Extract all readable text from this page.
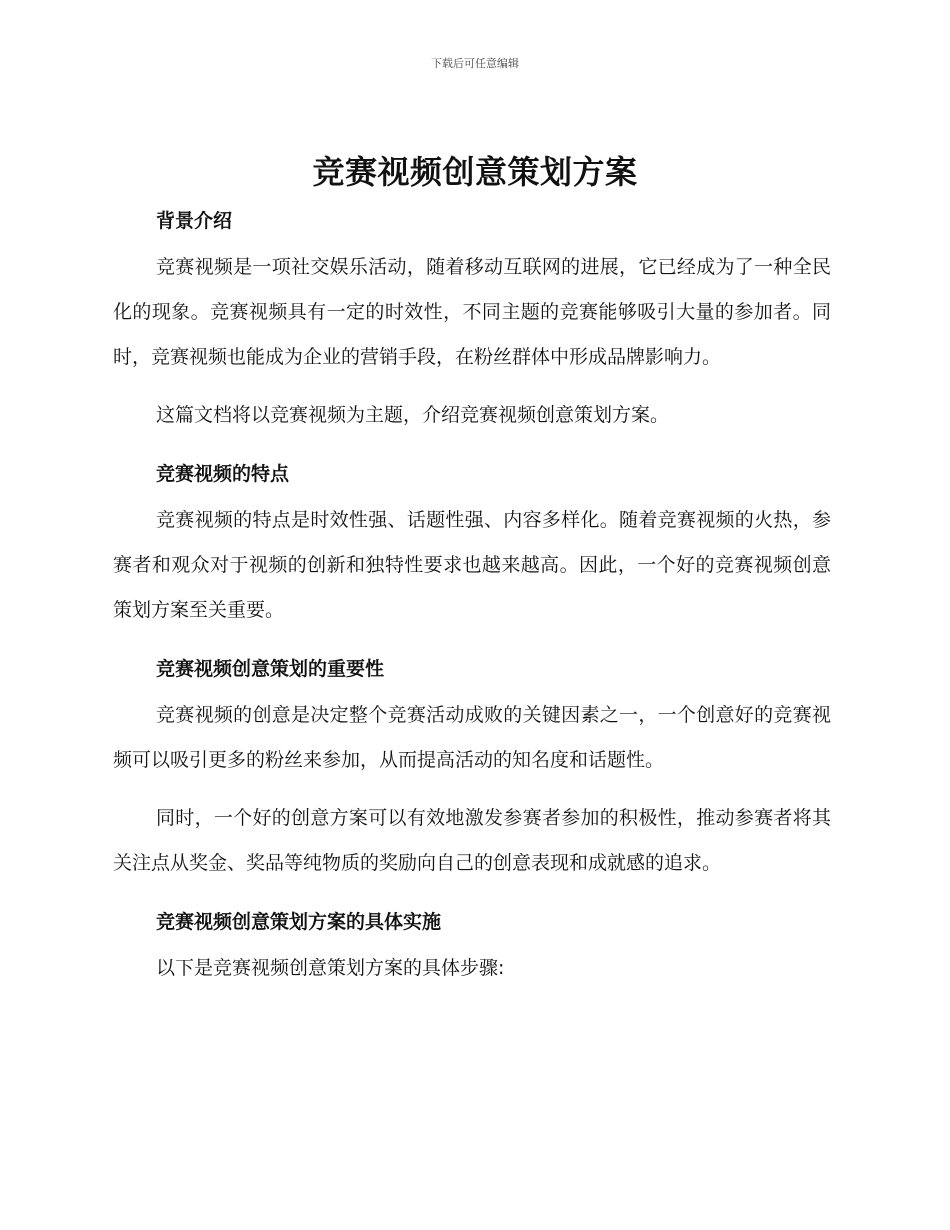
下载后可任意编辑
竞赛视频创意策划方案
背景介绍

竞赛视频是一项社交娱乐活动，随着移动互联网的进展，它已经成为了一种全民化的现象。竞赛视频具有一定的时效性，不同主题的竞赛能够吸引大量的参加者。同时，竞赛视频也能成为企业的营销手段，在粉丝群体中形成品牌影响力。

这篇文档将以竞赛视频为主题，介绍竞赛视频创意策划方案。

竞赛视频的特点

竞赛视频的特点是时效性强、话题性强、内容多样化。随着竞赛视频的火热，参赛者和观众对于视频的创新和独特性要求也越来越高。因此，一个好的竞赛视频创意策划方案至关重要。

竞赛视频创意策划的重要性

竞赛视频的创意是决定整个竞赛活动成败的关键因素之一，一个创意好的竞赛视频可以吸引更多的粉丝来参加，从而提高活动的知名度和话题性。

同时，一个好的创意方案可以有效地激发参赛者参加的积极性，推动参赛者将其关注点从奖金、奖品等纯物质的奖励向自己的创意表现和成就感的追求。

竞赛视频创意策划方案的具体实施

以下是竞赛视频创意策划方案的具体步骤:
